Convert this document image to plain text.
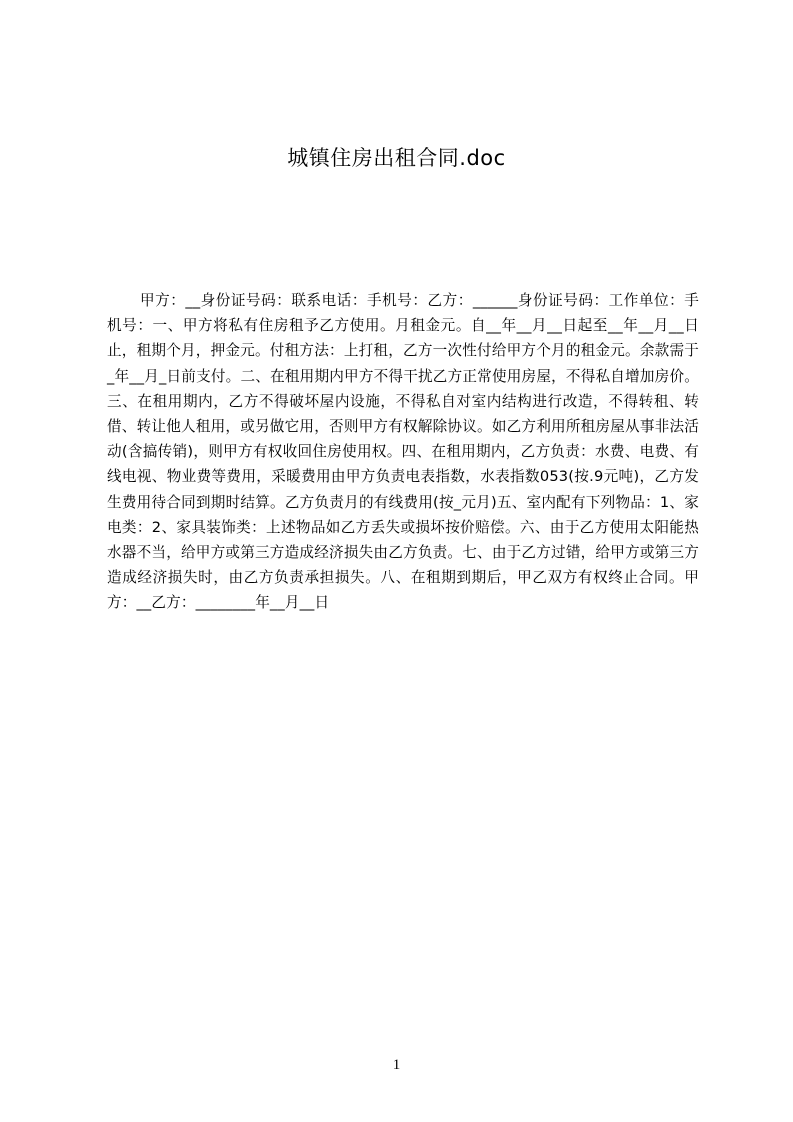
城镇住房出租合同.doc

甲方：__身份证号码：联系电话：手机号：乙方：______身份证号码：工作单位：手机号：一、甲方将私有住房租予乙方使用。月租金元。自__年__月__日起至__年__月__日止，租期个月，押金元。付租方法：上打租，乙方一次性付给甲方个月的租金元。余款需于_年__月_日前支付。二、在租用期内甲方不得干扰乙方正常使用房屋，不得私自增加房价。三、在租用期内，乙方不得破坏屋内设施，不得私自对室内结构进行改造，不得转租、转借、转让他人租用，或另做它用，否则甲方有权解除协议。如乙方利用所租房屋从事非法活动(含搞传销)，则甲方有权收回住房使用权。四、在租用期内，乙方负责：水费、电费、有线电视、物业费等费用，采暖费用由甲方负责电表指数，水表指数053(按.9元吨)，乙方发生费用待合同到期时结算。乙方负责月的有线费用(按_元月)五、室内配有下列物品：1、家电类：2、家具装饰类：上述物品如乙方丢失或损坏按价赔偿。六、由于乙方使用太阳能热水器不当，给甲方或第三方造成经济损失由乙方负责。七、由于乙方过错，给甲方或第三方造成经济损失时，由乙方负责承担损失。八、在租期到期后，甲乙双方有权终止合同。甲方：__乙方：________年__月__日

1
